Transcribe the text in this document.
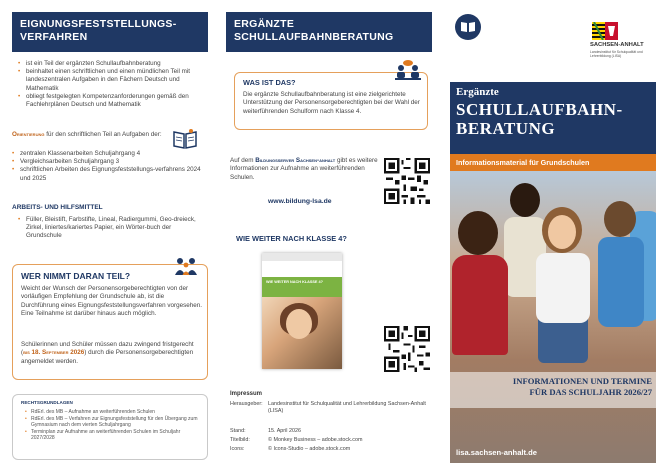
EIGNUNGSFESTSTELLUNGS-
VERFAHREN
• ist ein Teil der ergänzten Schullaufbahnberatung
• beinhaltet einen schriftlichen und einen mündlichen Teil mit landeszentralen Aufgaben in den Fächern Deutsch und Mathematik
• obliegt festgelegten Kompetenzanforderungen gemäß den Fachlehrplänen Deutsch und Mathematik
Orientierung für den schriftlichen Teil an Aufgaben der:
• zentralen Klassenarbeiten Schuljahrgang 4
• Vergleichsarbeiten Schuljahrgang 3
• schriftlichen Arbeiten des Eignungsfeststellungs-verfahrens 2024 und 2025
ARBEITS- UND HILFSMITTEL
• Füller, Bleistift, Farbstifte, Lineal, Radiergummi, Geo-dreieck, Zirkel, liniertes/kariertes Papier, ein Wörter-buch der Grundschule
WER NIMMT DARAN TEIL?
Weicht der Wunsch der Personensorgeberechtigten von der vorläufigen Empfehlung der Grundschule ab, ist die Durchführung eines Eignungsfeststellungsverfahren vorgesehen. Eine Teilnahme ist darüber hinaus auch möglich.
Schülerinnen und Schüler müssen dazu zwingend fristgerecht (bis 18. September 2026) durch die Personensorgeberechtigten angemeldet werden.
RECHTSGRUNDLAGEN
• RdErl. des MB – Aufnahme an weiterführenden Schulen
• RdErl. des MB – Verfahren zur Eignungsfeststellung für den Übergang zum Gymnasium nach dem vierten Schuljahrgang
• Terminplan zur Aufnahme an weiterführenden Schulen im Schuljahr 2027/2028
ERGÄNZTE
SCHULLAUFBAHNBERATUNG
WAS IST DAS?
Die ergänzte Schullaufbahnberatung ist eine zielgerichtete Unterstützung der Personensorgeberechtigten bei der Wahl der weiterführenden Schulform nach Klasse 4.
Auf dem Bildungsserver Sachsen-anhalt gibt es weitere Informationen zur Aufnahme an weiterführenden Schulen.
www.bildung-lsa.de
WIE WEITER NACH KLASSE 4?
WIE WEITER NACH KLASSE 4?
Impressum
Herausgeber: Landesinstitut für Schulqualität und Lehrerbildung Sachsen-Anhalt (LISA)
Stand:	15. April 2026
Titelbild:	© Monkey Business – adobe.stock.com
Icons:	© Icons-Studio – adobe.stock.com
SACHSEN-ANHALT
Landesinstitut für Schulqualität und Lehrerbildung (LISA)
Ergänzte
SCHULLAUFBAHN-BERATUNG
Informationsmaterial für Grundschulen
INFORMATIONEN UND TERMINE
FÜR DAS SCHULJAHR 2026/27
lisa.sachsen-anhalt.de
